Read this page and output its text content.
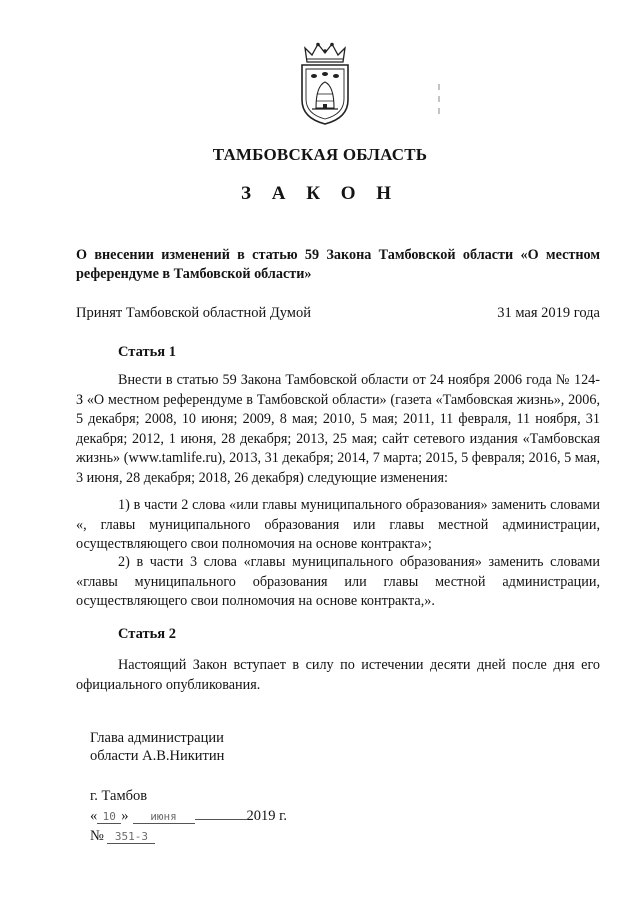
ТАМБОВСКАЯ ОБЛАСТЬ
З А К О Н
О внесении изменений в статью 59 Закона Тамбовской области «О местном референдуме в Тамбовской области»
Принят Тамбовской областной Думой	31 мая 2019 года
Статья 1

Внести в статью 59 Закона Тамбовской области от 24 ноября 2006 года № 124-З «О местном референдуме в Тамбовской области» (газета «Тамбовская жизнь», 2006, 5 декабря; 2008, 10 июня; 2009, 8 мая; 2010, 5 мая; 2011, 11 февраля, 11 ноября, 31 декабря; 2012, 1 июня, 28 декабря; 2013, 25 мая; сайт сетевого издания «Тамбовская жизнь» (www.tamlife.ru), 2013, 31 декабря; 2014, 7 марта; 2015, 5 февраля; 2016, 5 мая, 3 июня, 28 декабря; 2018, 26 декабря) следующие изменения:

1) в части 2 слова «или главы муниципального образования» заменить словами «, главы муниципального образования или главы местной администрации, осуществляющего свои полномочия на основе контракта»;

2) в части 3 слова «главы муниципального образования» заменить словами «главы муниципального образования или главы местной администрации, осуществляющего свои полномочия на основе контракта,».

Статья 2

Настоящий Закон вступает в силу по истечении десяти дней после дня его официального опубликования.

Глава администрации
области А.В.Никитин
г. Тамбов
« 10 » июня	2019 г.
№ 351-З
